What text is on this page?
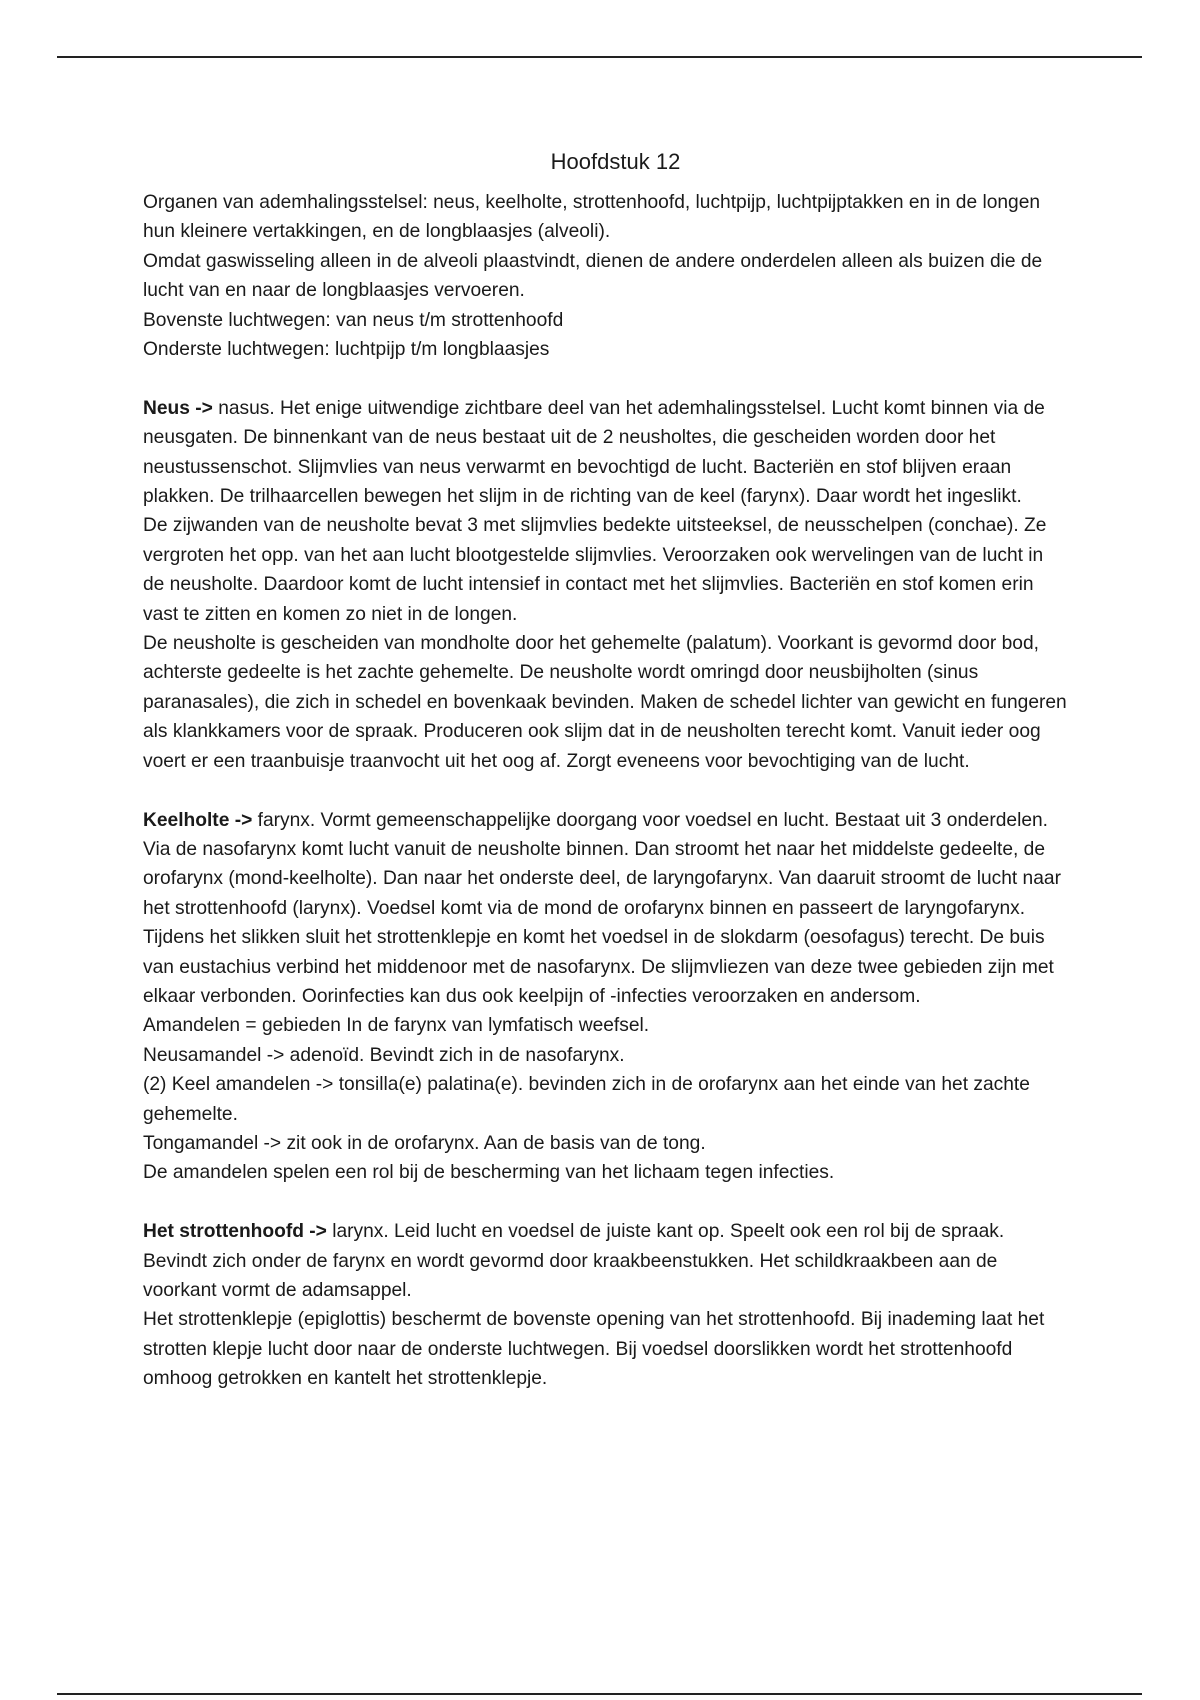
Hoofdstuk 12

Organen van ademhalingsstelsel: neus, keelholte, strottenhoofd, luchtpijp, luchtpijptakken en in de longen hun kleinere vertakkingen, en de longblaasjes (alveoli).

Omdat gaswisseling alleen in de alveoli plaastvindt, dienen de andere onderdelen alleen als buizen die de lucht van en naar de longblaasjes vervoeren.

Bovenste luchtwegen: van neus t/m strottenhoofd

Onderste luchtwegen: luchtpijp t/m longblaasjes

Neus -> nasus. Het enige uitwendige zichtbare deel van het ademhalingsstelsel. Lucht komt binnen via de neusgaten. De binnenkant van de neus bestaat uit de 2 neusholtes, die gescheiden worden door het neustussenschot. Slijmvlies van neus verwarmt en bevochtigd de lucht. Bacteriën en stof blijven eraan plakken. De trilhaarcellen bewegen het slijm in de richting van de keel (farynx). Daar wordt het ingeslikt.

De zijwanden van de neusholte bevat 3 met slijmvlies bedekte uitsteeksel, de neusschelpen (conchae). Ze vergroten het opp. van het aan lucht blootgestelde slijmvlies. Veroorzaken ook wervelingen van de lucht in de neusholte. Daardoor komt de lucht intensief in contact met het slijmvlies. Bacteriën en stof komen erin vast te zitten en komen zo niet in de longen.

De neusholte is gescheiden van mondholte door het gehemelte (palatum). Voorkant is gevormd door bod, achterste gedeelte is het zachte gehemelte. De neusholte wordt omringd door neusbijholten (sinus paranasales), die zich in schedel en bovenkaak bevinden. Maken de schedel lichter van gewicht en fungeren als klankkamers voor de spraak. Produceren ook slijm dat in de neusholten terecht komt. Vanuit ieder oog voert er een traanbuisje traanvocht uit het oog af. Zorgt eveneens voor bevochtiging van de lucht.

Keelholte -> farynx. Vormt gemeenschappelijke doorgang voor voedsel en lucht. Bestaat uit 3 onderdelen. Via de nasofarynx komt lucht vanuit de neusholte binnen. Dan stroomt het naar het middelste gedeelte, de orofarynx (mond-keelholte). Dan naar het onderste deel, de laryngofarynx. Van daaruit stroomt de lucht naar het strottenhoofd (larynx). Voedsel komt via de mond de orofarynx binnen en passeert de laryngofarynx. Tijdens het slikken sluit het strottenklepje en komt het voedsel in de slokdarm (oesofagus) terecht. De buis van eustachius verbind het middenoor met de nasofarynx. De slijmvliezen van deze twee gebieden zijn met elkaar verbonden. Oorinfecties kan dus ook keelpijn of -infecties veroorzaken en andersom.

Amandelen = gebieden In de farynx van lymfatisch weefsel.

Neusamandel -> adenoïd. Bevindt zich in de nasofarynx.

(2) Keel amandelen -> tonsilla(e) palatina(e). bevinden zich in de orofarynx aan het einde van het zachte gehemelte.

Tongamandel -> zit ook in de orofarynx. Aan de basis van de tong.

De amandelen spelen een rol bij de bescherming van het lichaam tegen infecties.

Het strottenhoofd -> larynx. Leid lucht en voedsel de juiste kant op. Speelt ook een rol bij de spraak. Bevindt zich onder de farynx en wordt gevormd door kraakbeenstukken. Het schildkraakbeen aan de voorkant vormt de adamsappel.

Het strottenklepje (epiglottis) beschermt de bovenste opening van het strottenhoofd. Bij inademing laat het strotten klepje lucht door naar de onderste luchtwegen. Bij voedsel doorslikken wordt het strottenhoofd omhoog getrokken en kantelt het strottenklepje.
